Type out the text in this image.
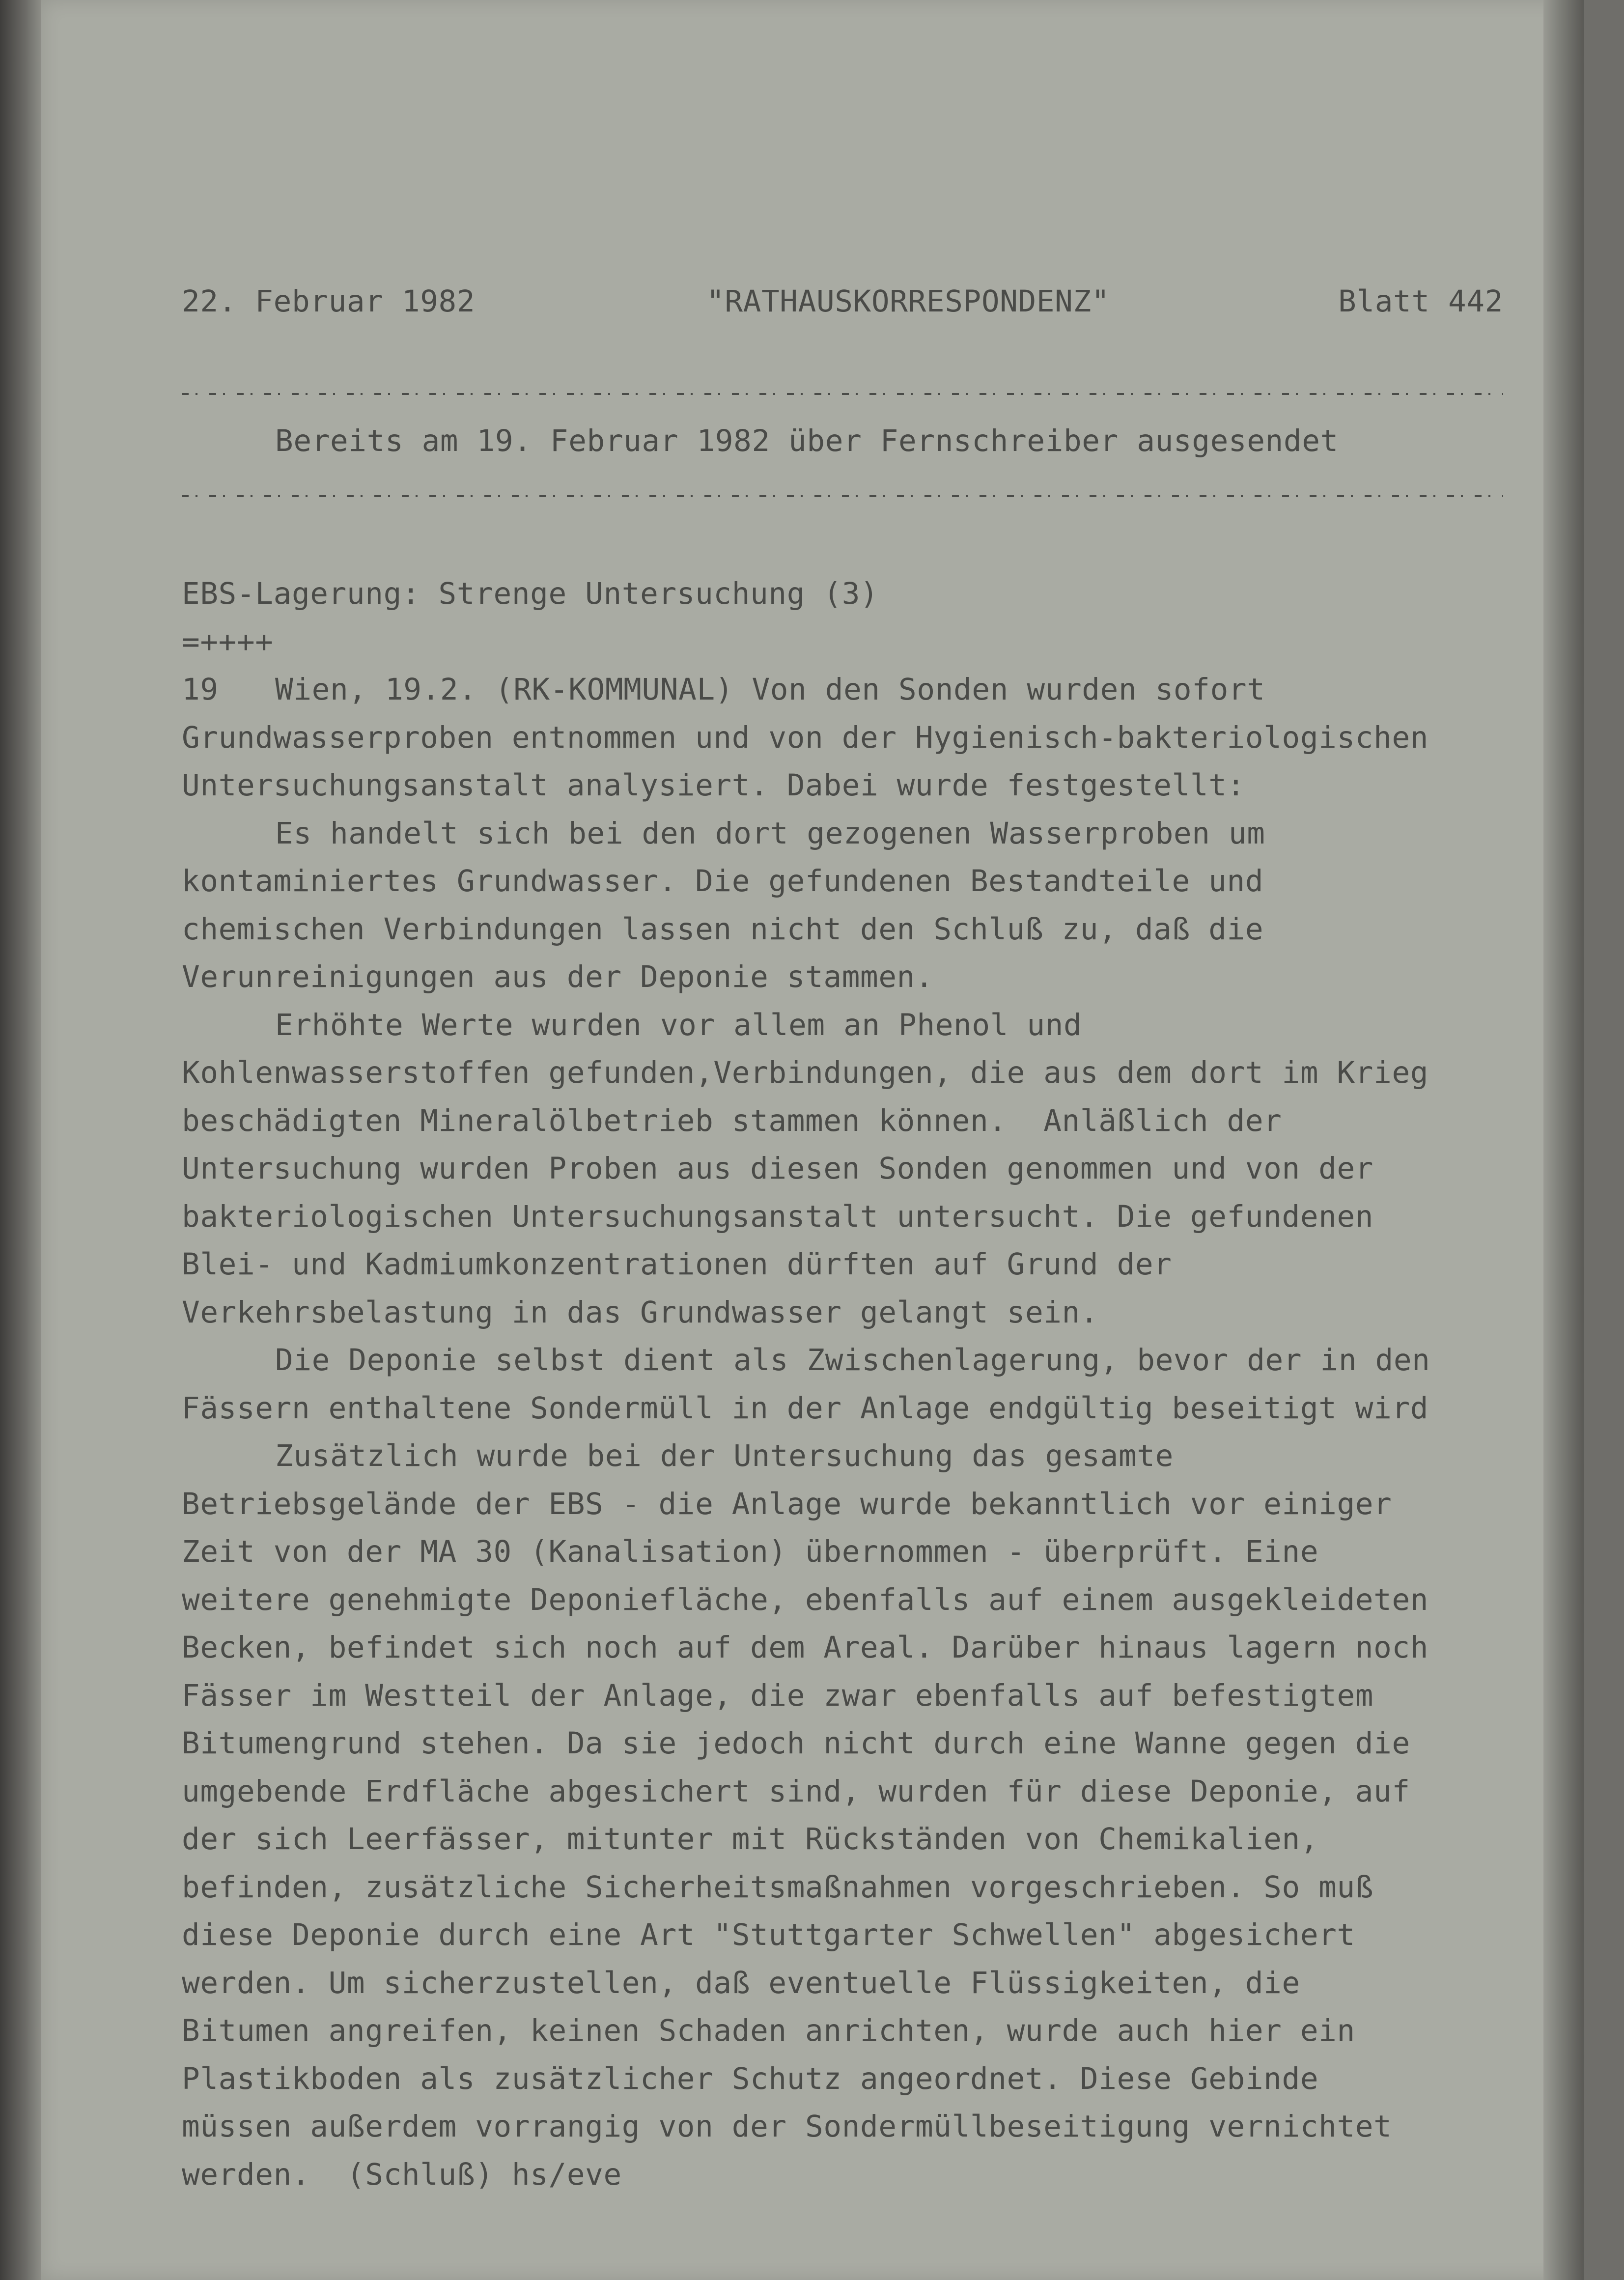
22. Februar 1982	"RATHAUSKORRESPONDENZ"	Blatt 442
Bereits am 19. Februar 1982 über Fernschreiber ausgesendet
EBS-Lagerung: Strenge Untersuchung (3)
=++++
19 Wien, 19.2. (RK-KOMMUNAL) Von den Sonden wurden sofort
Grundwasserproben entnommen und von der Hygienisch-bakteriologischen
Untersuchungsanstalt analysiert. Dabei wurde festgestellt:
Es handelt sich bei den dort gezogenen Wasserproben um
kontaminiertes Grundwasser. Die gefundenen Bestandteile und
chemischen Verbindungen lassen nicht den Schluß zu, daß die
Verunreinigungen aus der Deponie stammen.
Erhöhte Werte wurden vor allem an Phenol und
Kohlenwasserstoffen gefunden,Verbindungen, die aus dem dort im Krieg
beschädigten Mineralölbetrieb stammen können.  Anläßlich der
Untersuchung wurden Proben aus diesen Sonden genommen und von der
bakteriologischen Untersuchungsanstalt untersucht. Die gefundenen
Blei- und Kadmiumkonzentrationen dürften auf Grund der
Verkehrsbelastung in das Grundwasser gelangt sein.
Die Deponie selbst dient als Zwischenlagerung, bevor der in den
Fässern enthaltene Sondermüll in der Anlage endgültig beseitigt wird
Zusätzlich wurde bei der Untersuchung das gesamte
Betriebsgelände der EBS - die Anlage wurde bekanntlich vor einiger
Zeit von der MA 30 (Kanalisation) übernommen - überprüft. Eine
weitere genehmigte Deponiefläche, ebenfalls auf einem ausgekleideten
Becken, befindet sich noch auf dem Areal. Darüber hinaus lagern noch
Fässer im Westteil der Anlage, die zwar ebenfalls auf befestigtem
Bitumengrund stehen. Da sie jedoch nicht durch eine Wanne gegen die
umgebende Erdfläche abgesichert sind, wurden für diese Deponie, auf
der sich Leerfässer, mitunter mit Rückständen von Chemikalien,
befinden, zusätzliche Sicherheitsmaßnahmen vorgeschrieben. So muß
diese Deponie durch eine Art "Stuttgarter Schwellen" abgesichert
werden. Um sicherzustellen, daß eventuelle Flüssigkeiten, die
Bitumen angreifen, keinen Schaden anrichten, wurde auch hier ein
Plastikboden als zusätzlicher Schutz angeordnet. Diese Gebinde
müssen außerdem vorrangig von der Sondermüllbeseitigung vernichtet
werden.  (Schluß) hs/eve
